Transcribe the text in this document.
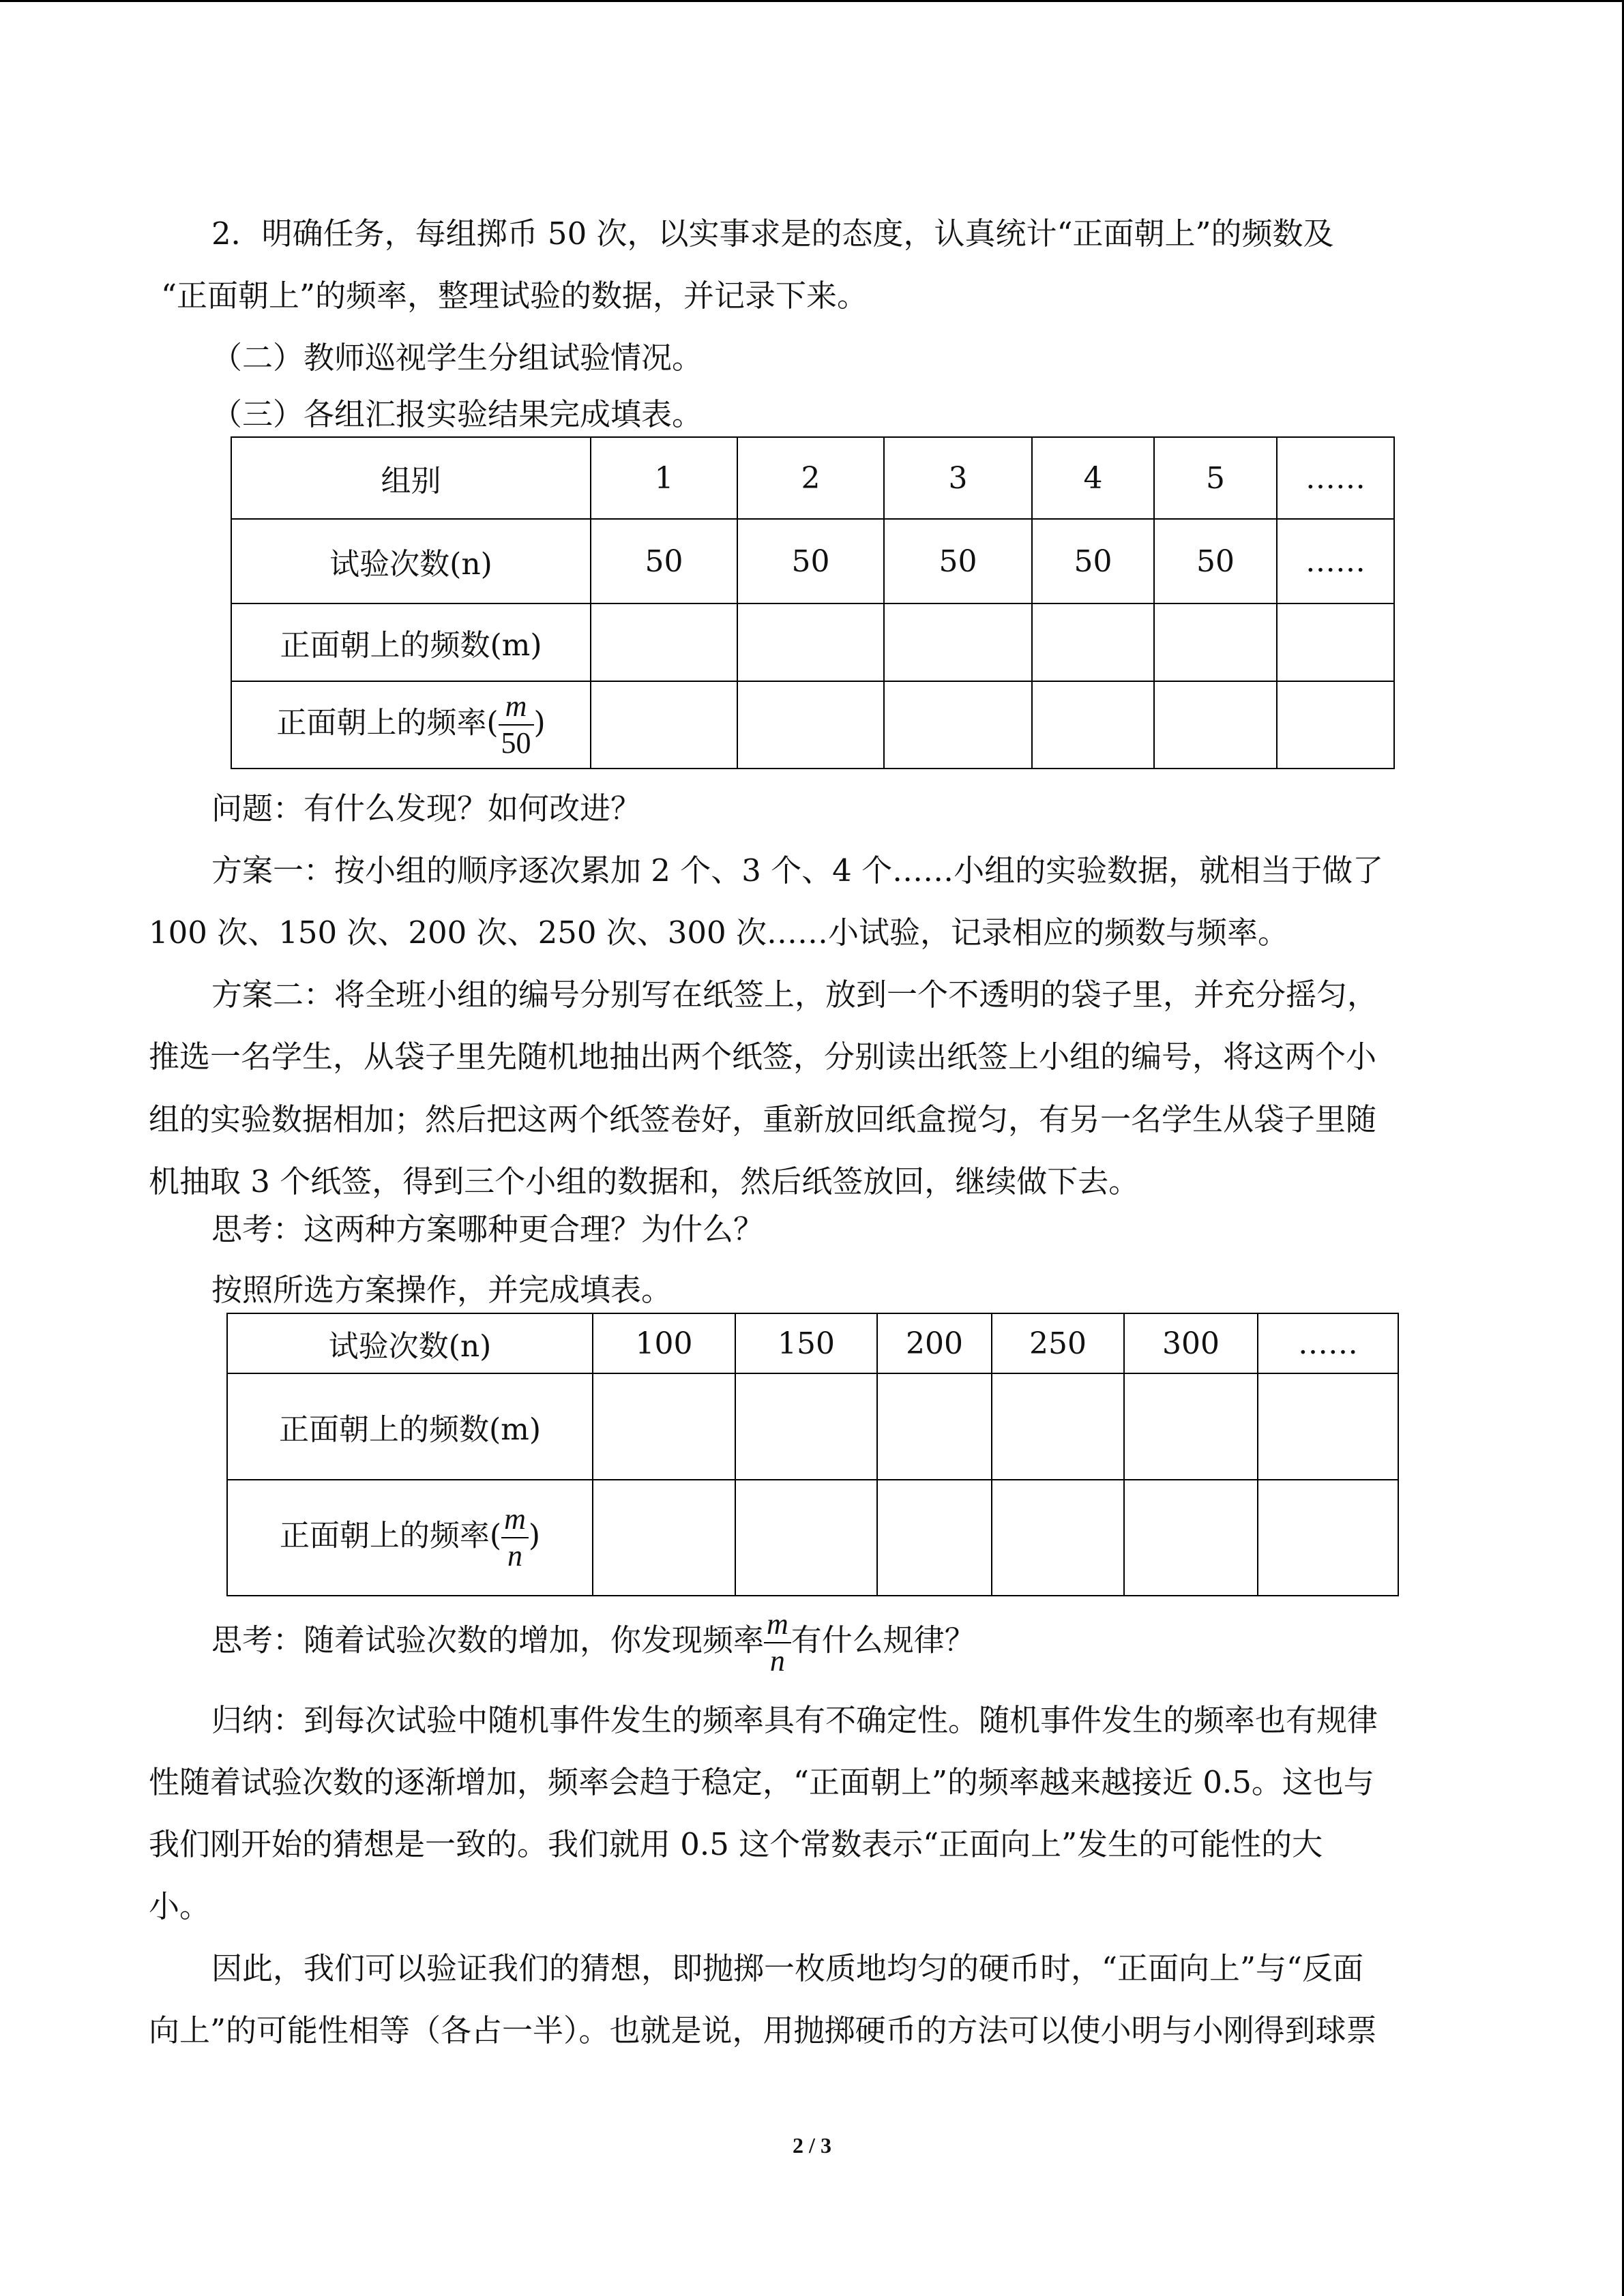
2．明确任务，每组掷币 50 次，以实事求是的态度，认真统计“正面朝上”的频数及
“正面朝上”的频率，整理试验的数据，并记录下来。
（二）教师巡视学生分组试验情况。
（三）各组汇报实验结果完成填表。
组别	1	2	3	4	5	……
试验次数(n)	50	50	50	50	50	……
正面朝上的频数(m)						
正面朝上的频率( $\frac{m}{50}$ )						
问题：有什么发现？如何改进？
方案一：按小组的顺序逐次累加 2 个、3 个、4 个……小组的实验数据，就相当于做了
100 次、150 次、200 次、250 次、300 次……小试验，记录相应的频数与频率。
方案二：将全班小组的编号分别写在纸签上，放到一个不透明的袋子里，并充分摇匀，
推选一名学生，从袋子里先随机地抽出两个纸签，分别读出纸签上小组的编号，将这两个小
组的实验数据相加；然后把这两个纸签卷好，重新放回纸盒搅匀，有另一名学生从袋子里随
机抽取 3 个纸签，得到三个小组的数据和，然后纸签放回，继续做下去。
思考：这两种方案哪种更合理？为什么？
按照所选方案操作，并完成填表。
试验次数(n)	100	150	200	250	300	……
正面朝上的频数(m)						
正面朝上的频率( $\frac{m}{n}$ )						
思考：随着试验次数的增加，你发现频率 $\frac{m}{n}$ 有什么规律？
归纳：到每次试验中随机事件发生的频率具有不确定性。随机事件发生的频率也有规律
性随着试验次数的逐渐增加，频率会趋于稳定，“正面朝上”的频率越来越接近 0.5。这也与
我们刚开始的猜想是一致的。我们就用 0.5 这个常数表示“正面向上”发生的可能性的大
小。
因此，我们可以验证我们的猜想，即抛掷一枚质地均匀的硬币时，“正面向上”与“反面
向上”的可能性相等（各占一半）。也就是说，用抛掷硬币的方法可以使小明与小刚得到球票
2 / 3
